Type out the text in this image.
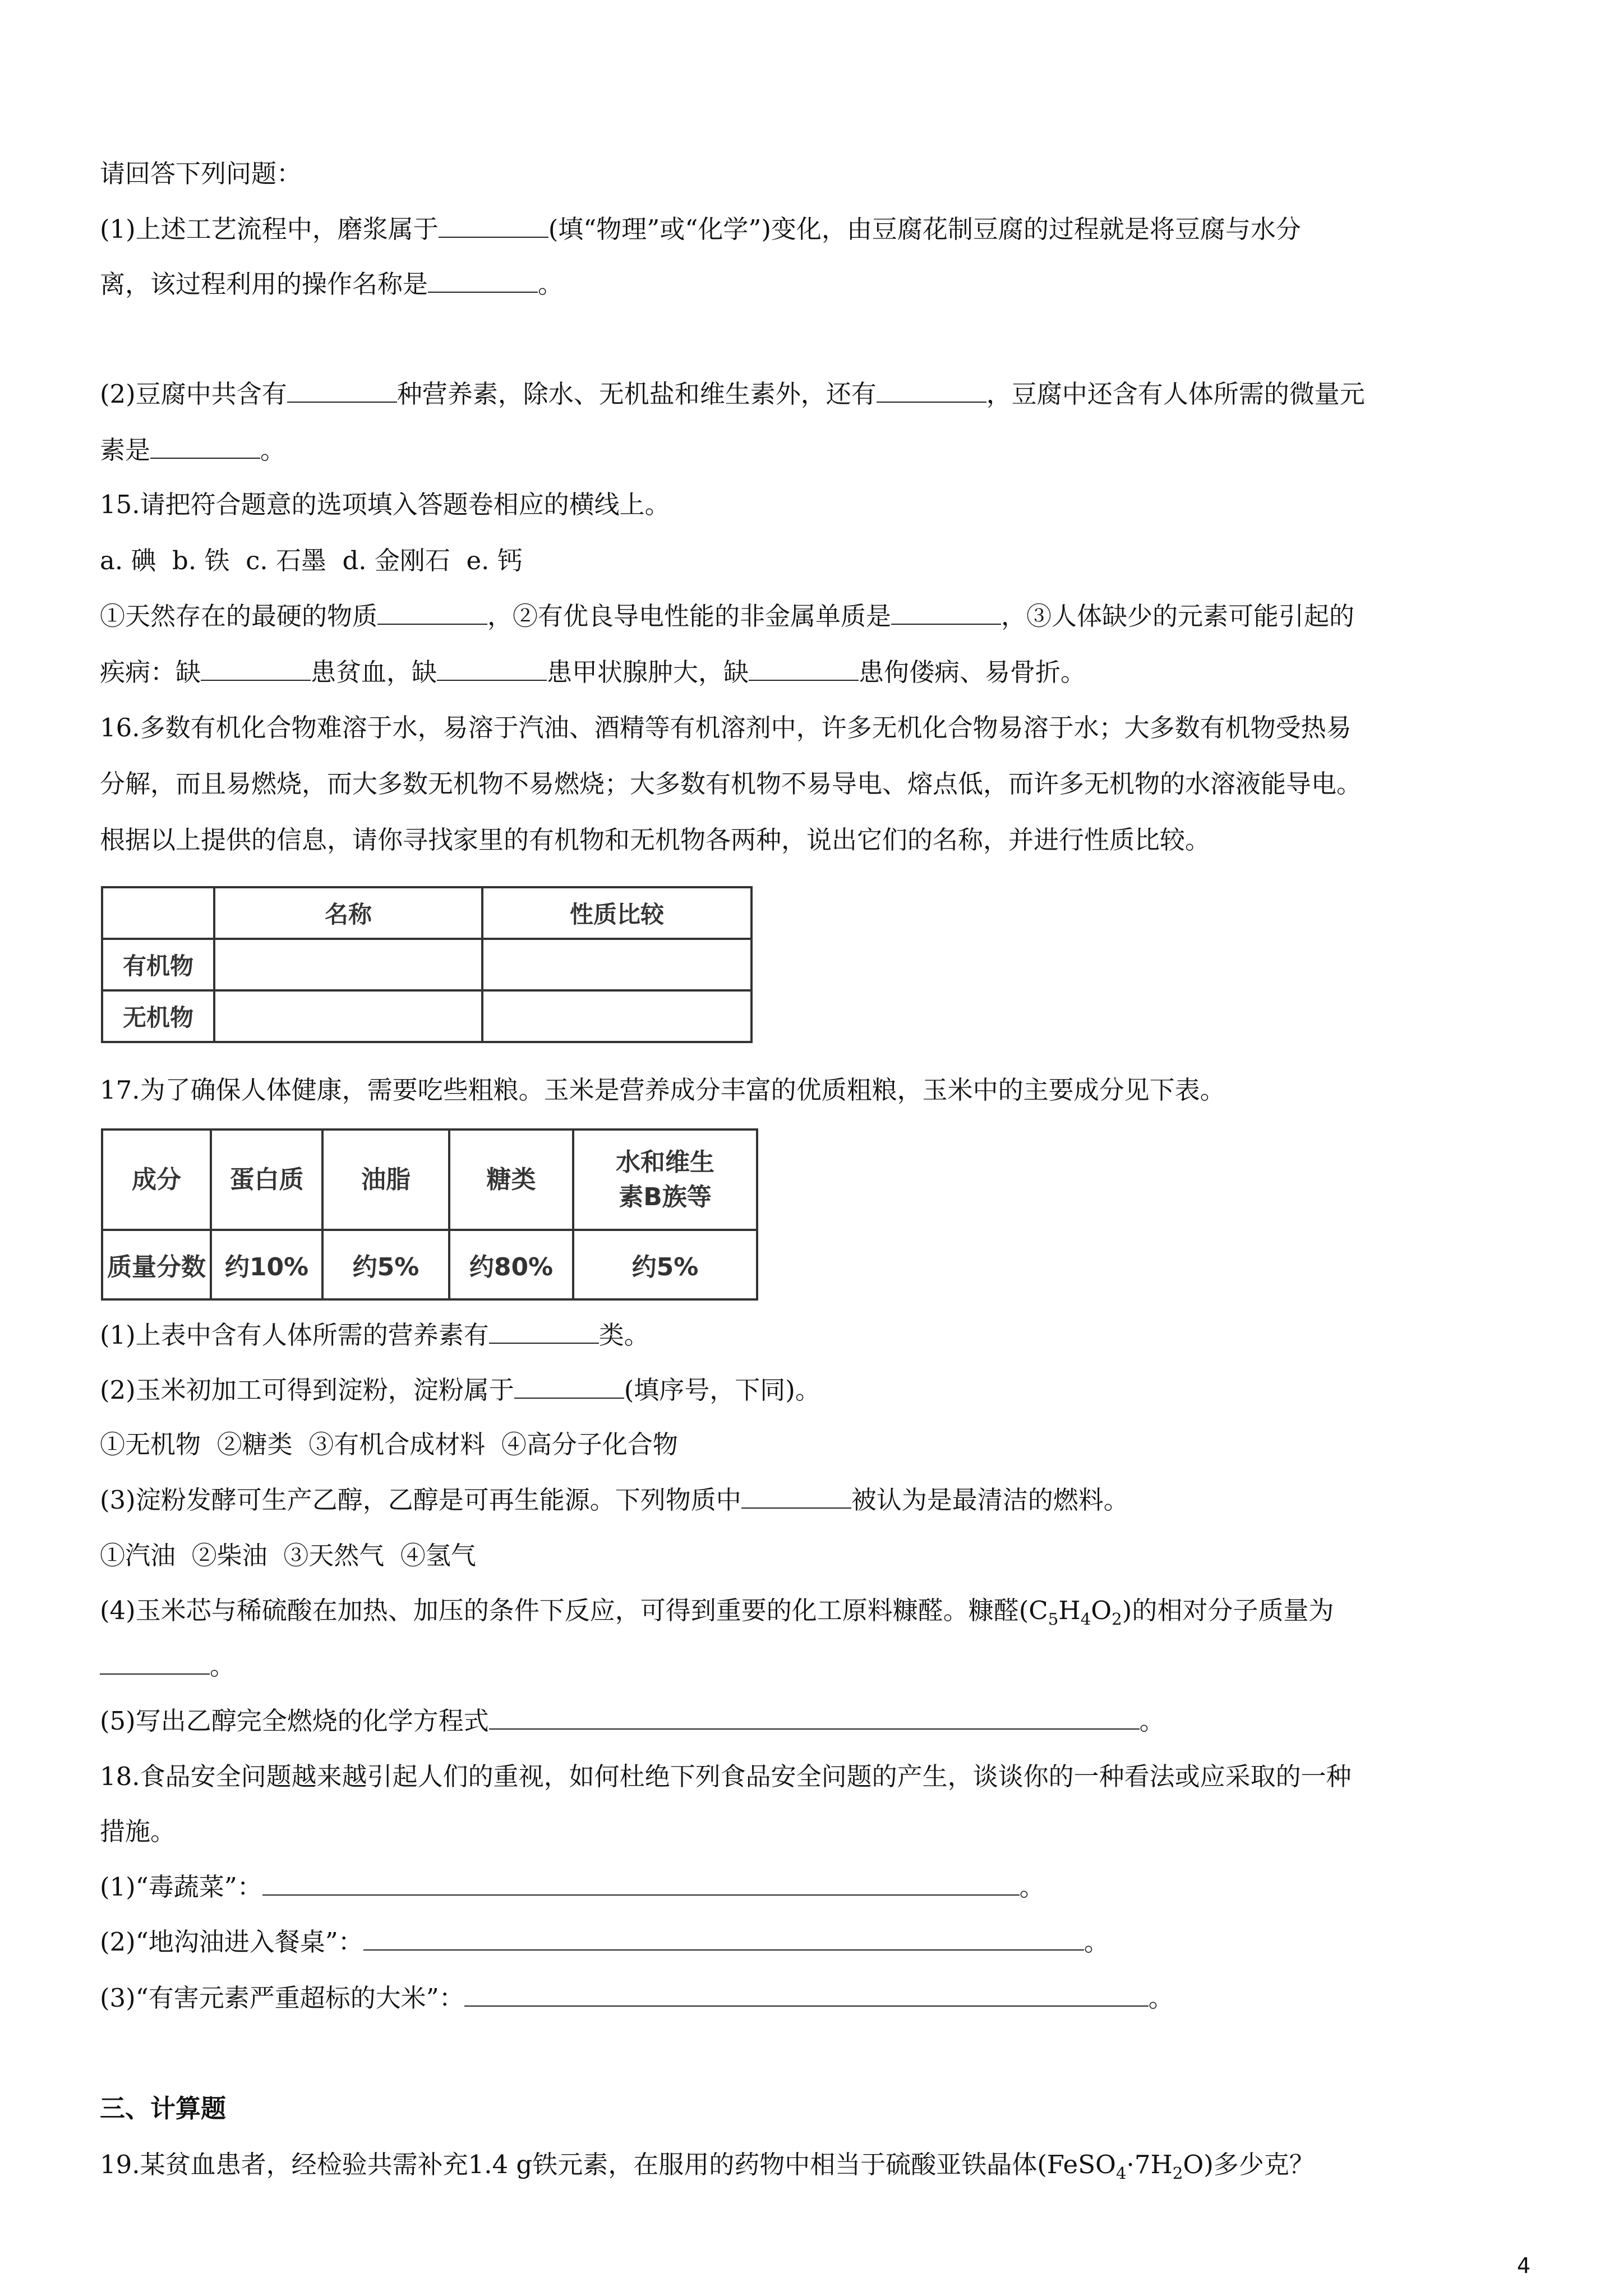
请回答下列问题：
(1)上述工艺流程中，磨浆属于	(填“物理”或“化学”)变化，由豆腐花制豆腐的过程就是将豆腐与水分
离，该过程利用的操作名称是	。
(2)豆腐中共含有	种营养素，除水、无机盐和维生素外，还有	，豆腐中还含有人体所需的微量元
素是	。
15.请把符合题意的选项填入答题卷相应的横线上。
a. 碘  b. 铁  c. 石墨  d. 金刚石  e. 钙
①天然存在的最硬的物质	，②有优良导电性能的非金属单质是	，③人体缺少的元素可能引起的
疾病：缺	患贫血，缺	患甲状腺肿大，缺	患佝偻病、易骨折。
16.多数有机化合物难溶于水，易溶于汽油、酒精等有机溶剂中，许多无机化合物易溶于水；大多数有机物受热易
分解，而且易燃烧，而大多数无机物不易燃烧；大多数有机物不易导电、熔点低，而许多无机物的水溶液能导电。
根据以上提供的信息，请你寻找家里的有机物和无机物各两种，说出它们的名称，并进行性质比较。
	名称	性质比较
有机物		
无机物		
17.为了确保人体健康，需要吃些粗粮。玉米是营养成分丰富的优质粗粮，玉米中的主要成分见下表。
成分	蛋白质	油脂	糖类	水和维生
素B族等
质量分数	约10%	约5%	约80%	约5%
(1)上表中含有人体所需的营养素有	类。
(2)玉米初加工可得到淀粉，淀粉属于	(填序号，下同)。
①无机物  ②糖类  ③有机合成材料  ④高分子化合物
(3)淀粉发酵可生产乙醇，乙醇是可再生能源。下列物质中	被认为是最清洁的燃料。
①汽油  ②柴油  ③天然气  ④氢气
(4)玉米芯与稀硫酸在加热、加压的条件下反应，可得到重要的化工原料糠醛。糠醛$(C_5H_4O_2)$的相对分子质量为
。
(5)写出乙醇完全燃烧的化学方程式	。
18.食品安全问题越来越引起人们的重视，如何杜绝下列食品安全问题的产生，谈谈你的一种看法或应采取的一种
措施。
(1)“毒蔬菜”：	。
(2)“地沟油进入餐桌”：	。
(3)“有害元素严重超标的大米”：	。
三、计算题
19.某贫血患者，经检验共需补充1.4 g铁元素，在服用的药物中相当于硫酸亚铁晶体$(FeSO_4\cdot 7H_2O)$多少克？
4
